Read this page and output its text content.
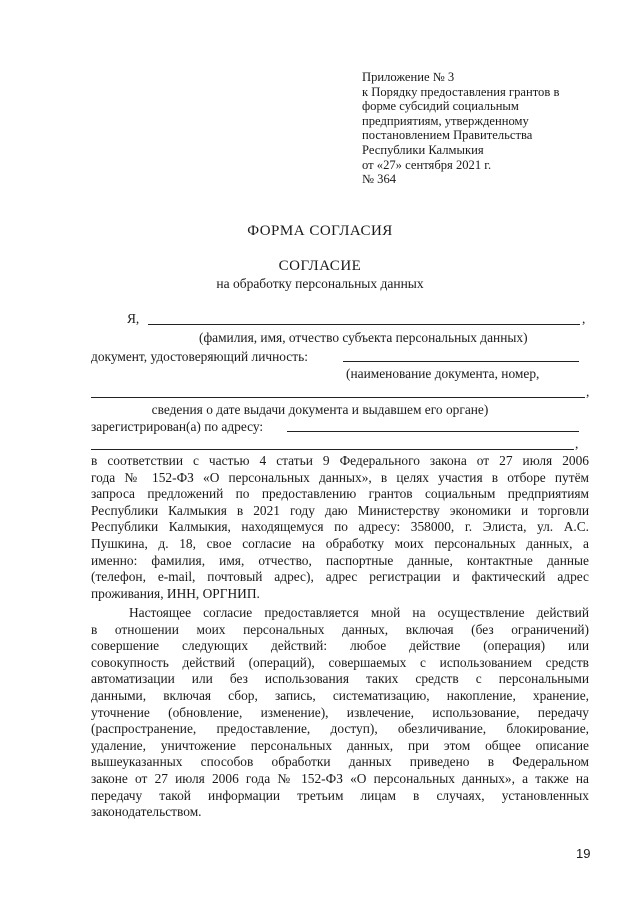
Приложение № 3
к Порядку предоставления грантов в
форме субсидий социальным
предприятиям, утвержденному
постановлением Правительства
Республики Калмыкия
от «27» сентября 2021 г.
№ 364
ФОРМА СОГЛАСИЯ
СОГЛАСИЕ
на обработку персональных данных
Я,	,
(фамилия, имя, отчество субъекта персональных данных)
документ, удостоверяющий личность:
(наименование документа, номер,
,
сведения о дате выдачи документа и выдавшем его органе)
зарегистрирован(а) по адресу:
,
в соответствии с частью 4 статьи 9 Федерального закона от 27 июля 2006
года № 152-ФЗ «О персональных данных», в целях участия в отборе путём
запроса предложений по предоставлению грантов социальным предприятиям
Республики Калмыкия в 2021 году даю Министерству экономики и торговли
Республики Калмыкия, находящемуся по адресу: 358000, г. Элиста, ул. А.С.
Пушкина, д. 18, свое согласие на обработку моих персональных данных, а
именно: фамилия, имя, отчество, паспортные данные, контактные данные
(телефон, e-mail, почтовый адрес), адрес регистрации и фактический адрес
проживания, ИНН, ОРГНИП.
Настоящее согласие предоставляется мной на осуществление действий
в отношении моих персональных данных, включая (без ограничений)
совершение следующих действий: любое действие (операция) или
совокупность действий (операций), совершаемых с использованием средств
автоматизации или без использования таких средств с персональными
данными, включая сбор, запись, систематизацию, накопление, хранение,
уточнение (обновление, изменение), извлечение, использование, передачу
(распространение, предоставление, доступ), обезличивание, блокирование,
удаление, уничтожение персональных данных, при этом общее описание
вышеуказанных способов обработки данных приведено в Федеральном
законе от 27 июля 2006 года № 152-ФЗ «О персональных данных», а также на
передачу такой информации третьим лицам в случаях, установленных
законодательством.
19
